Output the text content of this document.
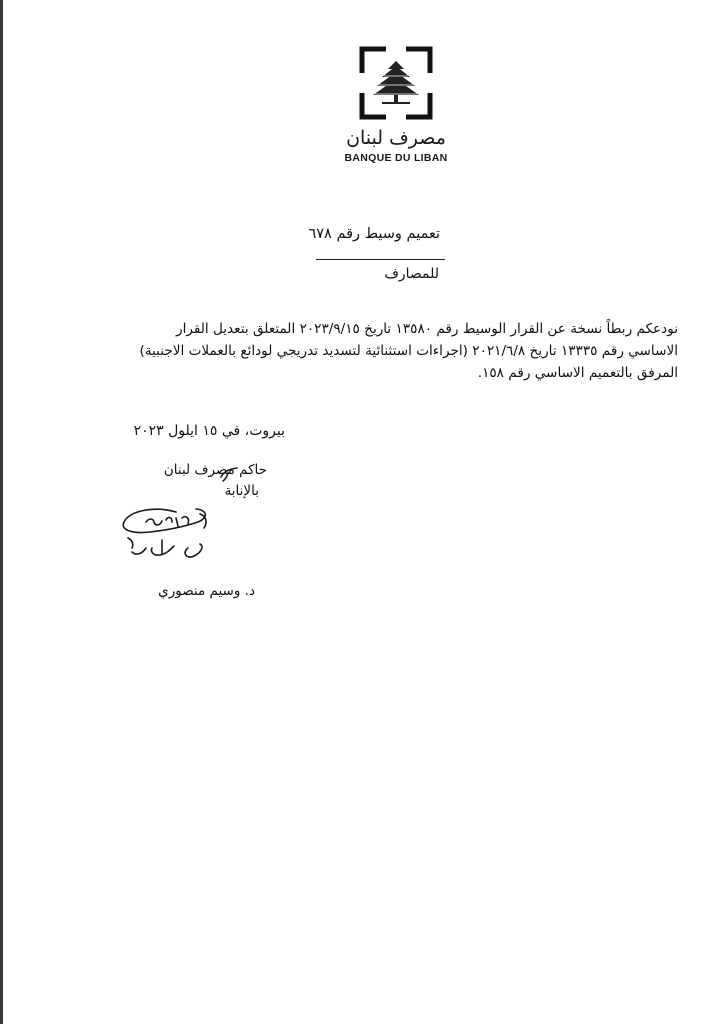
مصرف لبنان
BANQUE DU LIBAN
تعميم وسيط رقم ٦٧٨
للمصارف

نودعكم ربطاً نسخة عن القرار الوسيط رقم ١٣٥٨٠ تاريخ ٢٠٢٣/٩/١٥ المتعلق بتعديل القرار

الاساسي رقم ١٣٣٣٥ تاريخ ٢٠٢١/٦/٨ (اجراءات استثنائية لتسديد تدريجي لودائع بالعملات الاجنبية)

المرفق بالتعميم الاساسي رقم ١٥٨.

بيروت، في ١٥ ايلول ٢٠٢٣
حاكم مصرف لبنان
بالإنابة
د. وسيم منصوري
